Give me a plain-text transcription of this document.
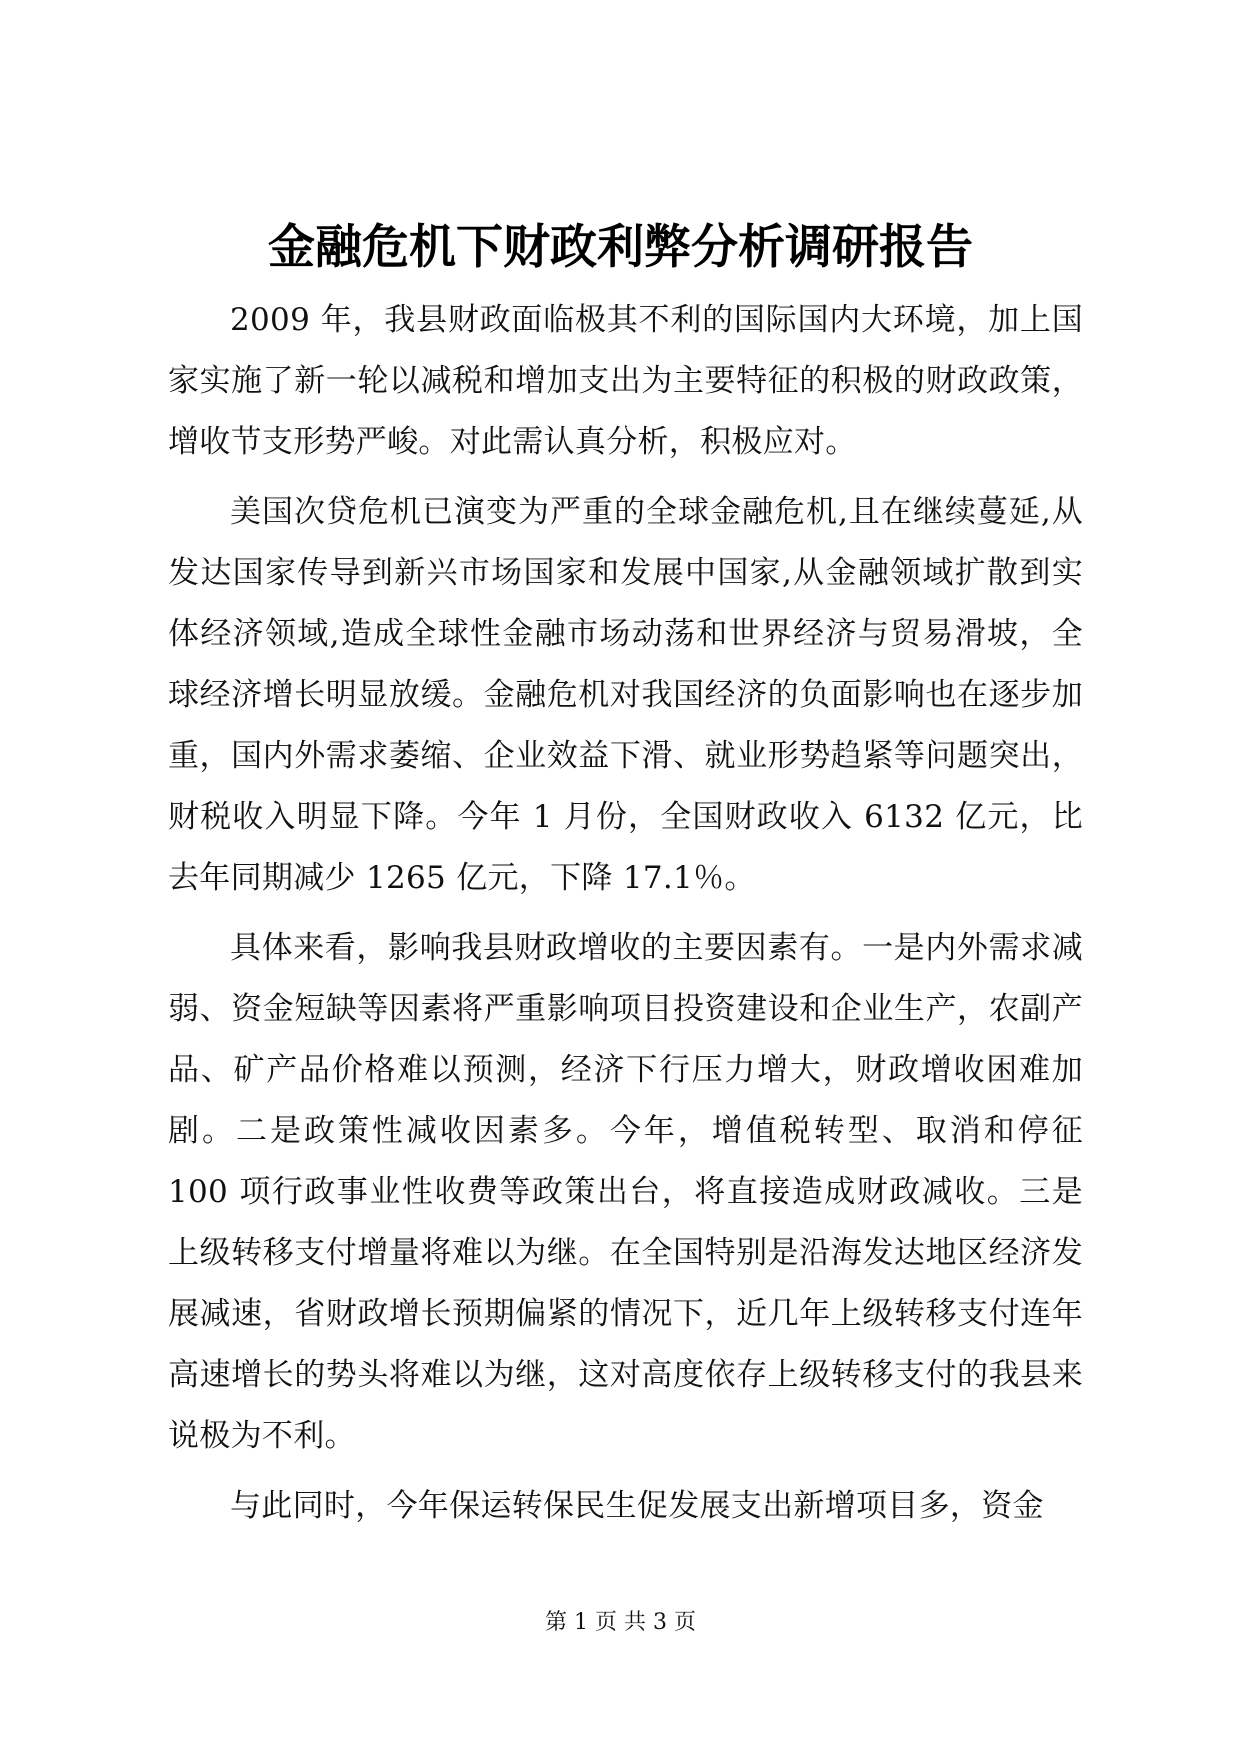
金融危机下财政利弊分析调研报告

2009 年，我县财政面临极其不利的国际国内大环境，加上国家实施了新一轮以减税和增加支出为主要特征的积极的财政政策，增收节支形势严峻。对此需认真分析，积极应对。

美国次贷危机已演变为严重的全球金融危机,且在继续蔓延,从发达国家传导到新兴市场国家和发展中国家,从金融领域扩散到实体经济领域,造成全球性金融市场动荡和世界经济与贸易滑坡，全球经济增长明显放缓。金融危机对我国经济的负面影响也在逐步加重，国内外需求萎缩、企业效益下滑、就业形势趋紧等问题突出，财税收入明显下降。今年 1 月份，全国财政收入 6132 亿元，比去年同期减少 1265 亿元，下降 17.1％。

具体来看，影响我县财政增收的主要因素有。一是内外需求减弱、资金短缺等因素将严重影响项目投资建设和企业生产，农副产品、矿产品价格难以预测，经济下行压力增大，财政增收困难加剧。二是政策性减收因素多。今年，增值税转型、取消和停征 100 项行政事业性收费等政策出台，将直接造成财政减收。三是上级转移支付增量将难以为继。在全国特别是沿海发达地区经济发展减速，省财政增长预期偏紧的情况下，近几年上级转移支付连年高速增长的势头将难以为继，这对高度依存上级转移支付的我县来说极为不利。

与此同时，今年保运转保民生促发展支出新增项目多，资金

第 1 页 共 3 页
